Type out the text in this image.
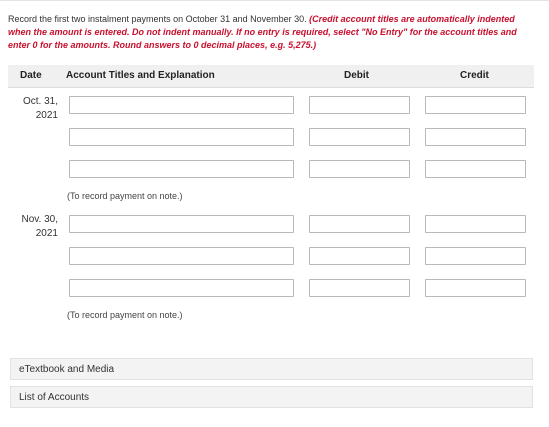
Record the first two instalment payments on October 31 and November 30. (Credit account titles are automatically indented when the amount is entered. Do not indent manually. If no entry is required, select "No Entry" for the account titles and enter 0 for the amounts. Round answers to 0 decimal places, e.g. 5,275.)
Date Account Titles and Explanation	Debit	Credit
Oct. 31,
2021
(To record payment on note.)
Nov. 30,
2021
(To record payment on note.)
eTextbook and Media
List of Accounts
